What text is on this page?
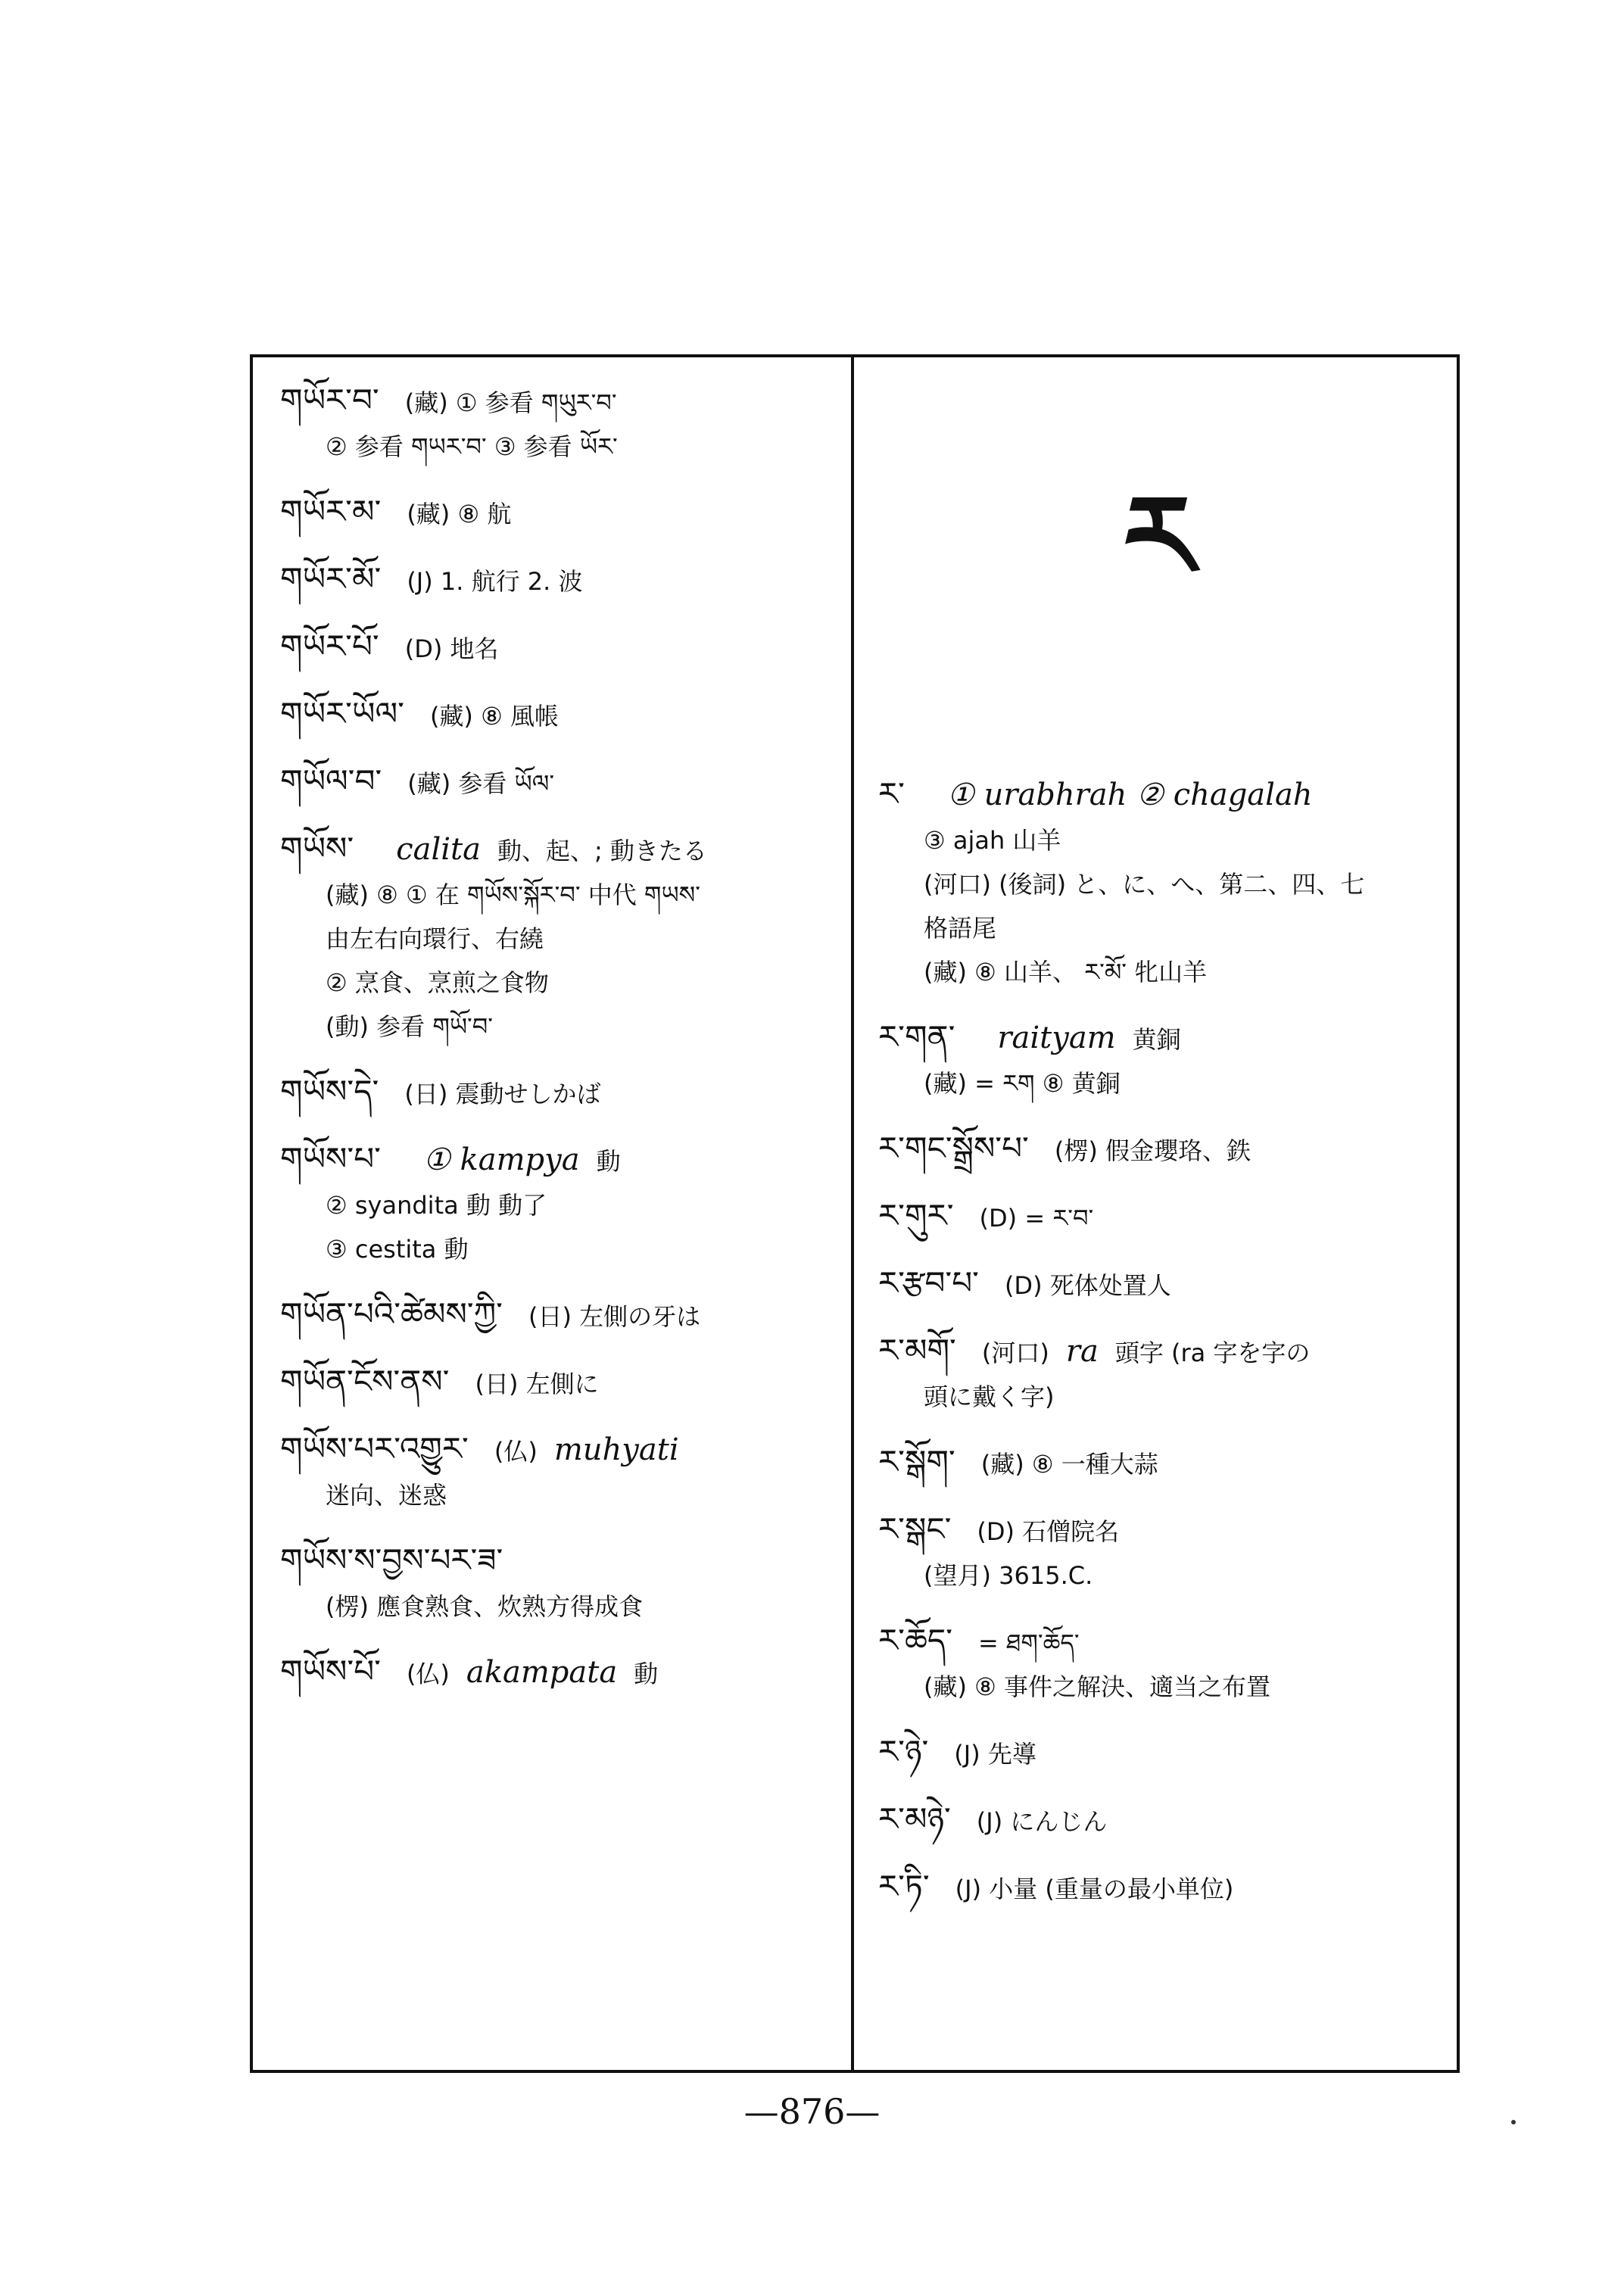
གཡོར་བ་ (藏) ① 参看 གཡུར་བ་
② 参看 གཡར་བ་ ③ 参看 ཡོར་
གཡོར་མ་ (藏) ⑧ 航
གཡོར་མོ་ (J) 1. 航行 2. 波
གཡོར་པོ་ (D) 地名
གཡོར་ཡོལ་ (藏) ⑧ 風帳
གཡོལ་བ་ (藏) 参看 ཡོལ་
གཡོས་ calita 動、起、; 動きたる
(藏) ⑧ ① 在 གཡོས་སྐོར་བ་ 中代 གཡས་
由左右向環行、右繞
② 烹食、烹煎之食物
(動) 参看 གཡོ་བ་
གཡོས་དེ་ (日) 震動せしかば
གཡོས་པ་ ① kampya 動
② syandita 動 動了
③ cestita 動
གཡོན་པའི་ཚེམས་ཀྱི་ (日) 左側の牙は
གཡོན་ངོས་ནས་ (日) 左側に
གཡོས་པར་འགྱུར་ (仏) muhyati
迷向、迷惑
གཡོས་ས་བྱས་པར་ཟ་
(楞) 應食熟食、炊熟方得成食
གཡོས་པོ་ (仏) akampata 動
ར
ར་ ① urabhrah ② chagalah
③ ajah 山羊
(河口) (後詞) と、に、へ、第二、四、七
格語尾
(藏) ⑧ 山羊、 ར་མོ་ 牝山羊
ར་གན་ raityam 黄銅
(藏) = རག ⑧ 黄銅
ར་གང་སྒྲོས་པ་ (楞) 假金瓔珞、鉄
ར་གུར་ (D) = ར་བ་
ར་རྩབ་པ་ (D) 死体处置人
ར་མགོ་ (河口) ra 頭字 (ra 字を字の
頭に戴く字)
ར་སྒོག་ (藏) ⑧ 一種大蒜
ར་སྒང་ (D) 石僧院名
(望月) 3615.C.
ར་ཆོད་ = ཐག་ཆོད་
(藏) ⑧ 事件之解決、適当之布置
ར་ཉེ་ (J) 先導
ར་མཉེ་ (J) にんじん
ར་ཏི་ (J) 小量 (重量の最小単位)
—876—
